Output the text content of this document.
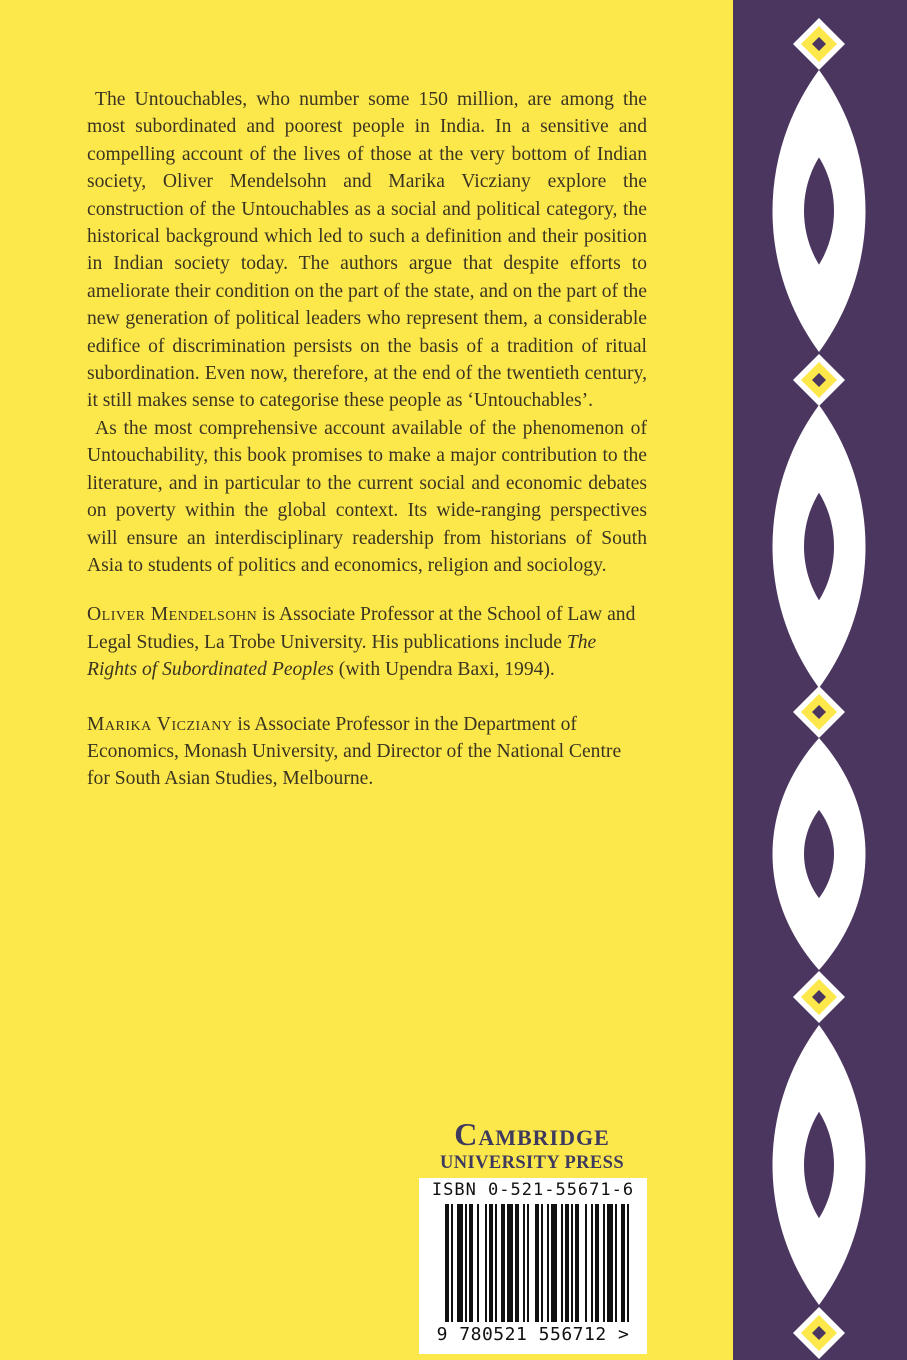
The Untouchables, who number some 150 million, are among the most subordinated and poorest people in India. In a sensitive and compelling account of the lives of those at the very bottom of Indian society, Oliver Mendelsohn and Marika Vicziany explore the construction of the Untouchables as a social and political category, the historical background which led to such a definition and their position in Indian society today. The authors argue that despite efforts to ameliorate their condition on the part of the state, and on the part of the new generation of political leaders who represent them, a considerable edifice of discrimination persists on the basis of a tradition of ritual subordination. Even now, therefore, at the end of the twentieth century, it still makes sense to categorise these people as ‘Untouchables’.

As the most comprehensive account available of the phenomenon of Untouchability, this book promises to make a major contribution to the literature, and in particular to the current social and economic debates on poverty within the global context. Its wide-ranging perspectives will ensure an interdisciplinary readership from historians of South Asia to students of politics and economics, religion and sociology.

Oliver Mendelsohn is Associate Professor at the School of Law and Legal Studies, La Trobe University. His publications include The Rights of Subordinated Peoples (with Upendra Baxi, 1994).

Marika Vicziany is Associate Professor in the Department of Economics, Monash University, and Director of the National Centre for South Asian Studies, Melbourne.

Cambridge
UNIVERSITY PRESS
ISBN 0-521-55671-6
9 780521 556712 >
